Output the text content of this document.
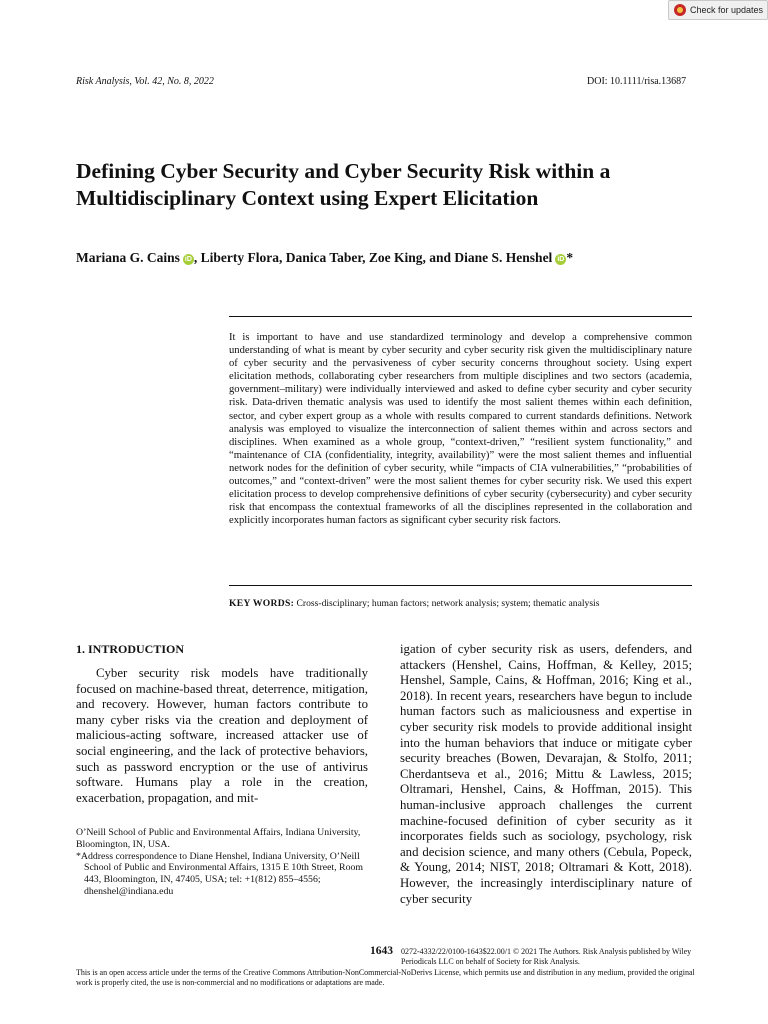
Check for updates
Risk Analysis, Vol. 42, No. 8, 2022	DOI: 10.1111/risa.13687
Defining Cyber Security and Cyber Security Risk within a Multidisciplinary Context using Expert Elicitation
Mariana G. Cains iD , Liberty Flora, Danica Taber, Zoe King, and Diane S. Henshel iD *

It is important to have and use standardized terminology and develop a comprehensive common understanding of what is meant by cyber security and cyber security risk given the multidisciplinary nature of cyber security and the pervasiveness of cyber security concerns throughout society. Using expert elicitation methods, collaborating cyber researchers from multiple disciplines and two sectors (academia, government–military) were individually interviewed and asked to define cyber security and cyber security risk. Data-driven thematic analysis was used to identify the most salient themes within each definition, sector, and cyber expert group as a whole with results compared to current standards definitions. Network analysis was employed to visualize the interconnection of salient themes within and across sectors and disciplines. When examined as a whole group, “context-driven,” “resilient system functionality,” and “maintenance of CIA (confidentiality, integrity, availability)” were the most salient themes and influential network nodes for the definition of cyber security, while “impacts of CIA vulnerabilities,” “probabilities of outcomes,” and “context-driven” were the most salient themes for cyber security risk. We used this expert elicitation process to develop comprehensive definitions of cyber security (cybersecurity) and cyber security risk that encompass the contextual frameworks of all the disciplines represented in the collaboration and explicitly incorporates human factors as significant cyber security risk factors.

KEY WORDS: Cross-disciplinary; human factors; network analysis; system; thematic analysis
1. INTRODUCTION

Cyber security risk models have traditionally focused on machine-based threat, deterrence, mitigation, and recovery. However, human factors contribute to many cyber risks via the creation and deployment of malicious-acting software, increased attacker use of social engineering, and the lack of protective behaviors, such as password encryption or the use of antivirus software. Humans play a role in the creation, exacerbation, propagation, and mit-

igation of cyber security risk as users, defenders, and attackers (Henshel, Cains, Hoffman, & Kelley, 2015; Henshel, Sample, Cains, & Hoffman, 2016; King et al., 2018). In recent years, researchers have begun to include human factors such as maliciousness and expertise in cyber security risk models to provide additional insight into the human behaviors that induce or mitigate cyber security breaches (Bowen, Devarajan, & Stolfo, 2011; Cherdantseva et al., 2016; Mittu & Lawless, 2015; Oltramari, Henshel, Cains, & Hoffman, 2015). This human-inclusive approach challenges the current machine-focused definition of cyber security as it incorporates fields such as sociology, psychology, risk and decision science, and many others (Cebula, Popeck, & Young, 2014; NIST, 2018; Oltramari & Kott, 2018). However, the increasingly interdisciplinary nature of cyber security

O’Neill School of Public and Environmental Affairs, Indiana University, Bloomington, IN, USA.

*Address correspondence to Diane Henshel, Indiana University, O’Neill School of Public and Environmental Affairs, 1315 E 10th Street, Room 443, Bloomington, IN, 47405, USA; tel: +1(812) 855–4556; dhenshel@indiana.edu

1643 0272-4332/22/0100-1643$22.00/1 © 2021 The Authors. Risk Analysis published by Wiley Periodicals LLC on behalf of Society for Risk Analysis.
This is an open access article under the terms of the Creative Commons Attribution-NonCommercial-NoDerivs License, which permits use and distribution in any medium, provided the original work is properly cited, the use is non-commercial and no modifications or adaptations are made.
